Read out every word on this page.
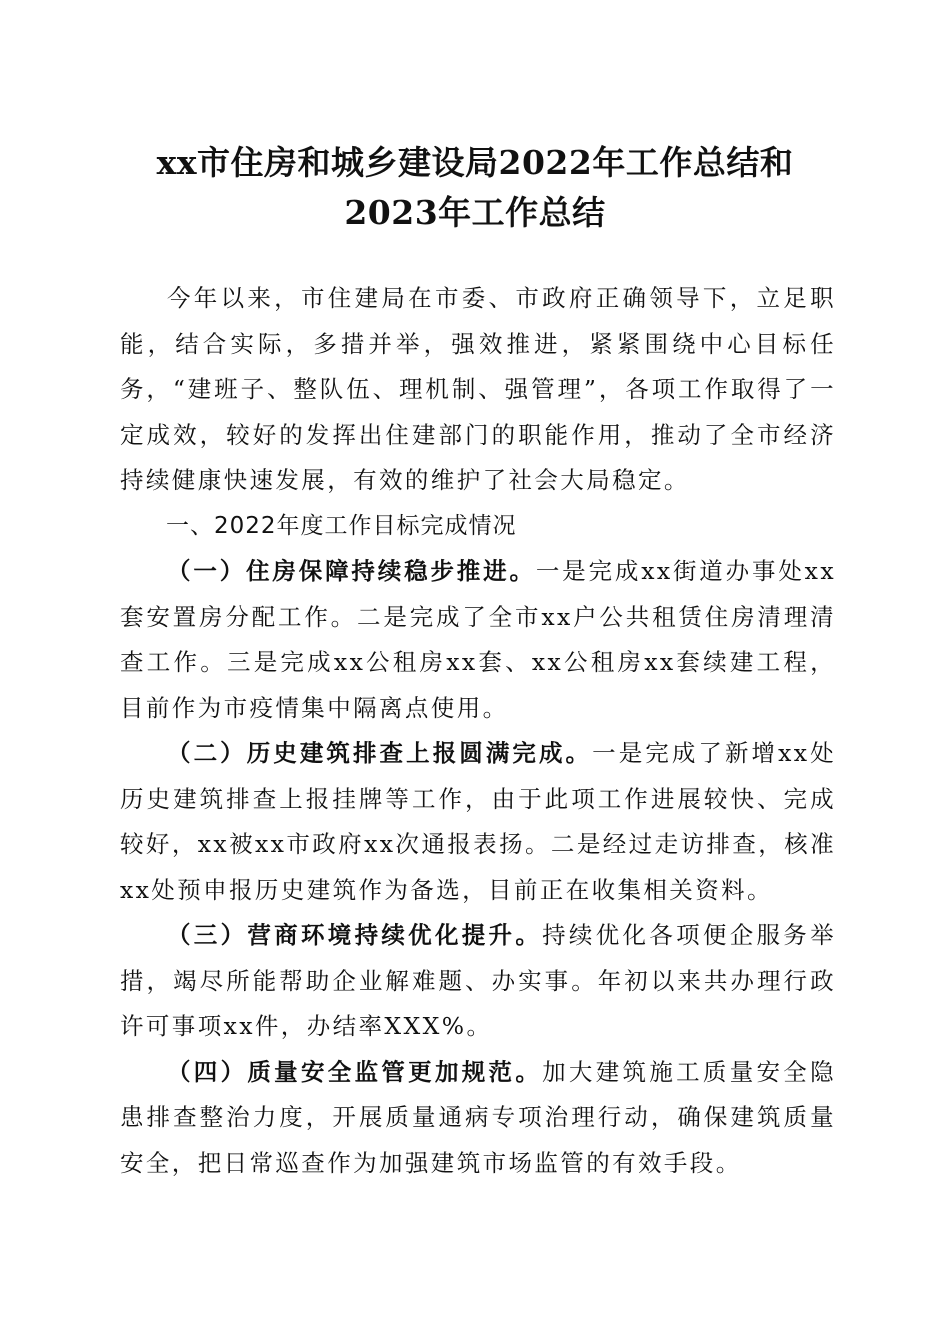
xx市住房和城乡建设局2022年工作总结和
2023年工作总结

今年以来，市住建局在市委、市政府正确领导下，立足职能，结合实际，多措并举，强效推进，紧紧围绕中心目标任务，“建班子、整队伍、理机制、强管理”，各项工作取得了一定成效，较好的发挥出住建部门的职能作用，推动了全市经济持续健康快速发展，有效的维护了社会大局稳定。

一、2022年度工作目标完成情况

（一）住房保障持续稳步推进。一是完成xx街道办事处xx套安置房分配工作。二是完成了全市xx户公共租赁住房清理清查工作。三是完成xx公租房xx套、xx公租房xx套续建工程，目前作为市疫情集中隔离点使用。

（二）历史建筑排查上报圆满完成。一是完成了新增xx处历史建筑排查上报挂牌等工作，由于此项工作进展较快、完成较好，xx被xx市政府xx次通报表扬。二是经过走访排查，核准xx处预申报历史建筑作为备选，目前正在收集相关资料。

（三）营商环境持续优化提升。持续优化各项便企服务举措，竭尽所能帮助企业解难题、办实事。年初以来共办理行政许可事项xx件，办结率XXX%。

（四）质量安全监管更加规范。加大建筑施工质量安全隐患排查整治力度，开展质量通病专项治理行动，确保建筑质量安全，把日常巡查作为加强建筑市场监管的有效手段。
